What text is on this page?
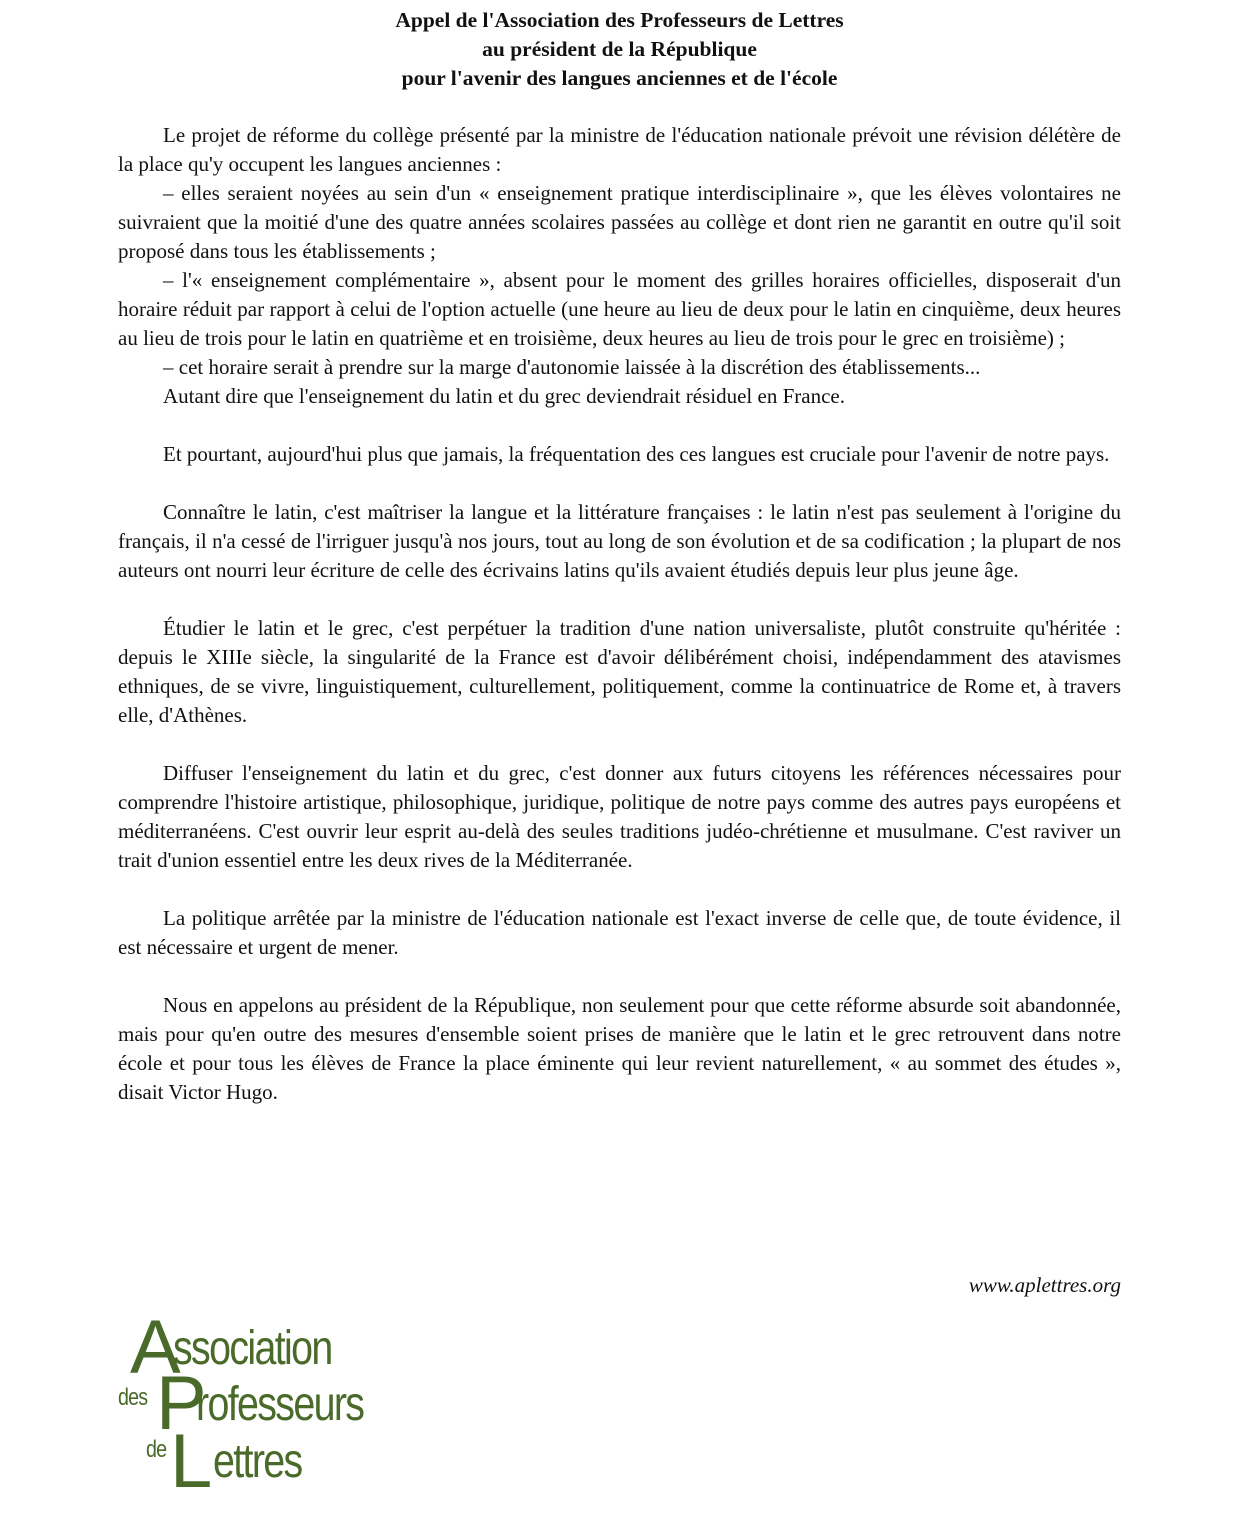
Appel de l'Association des Professeurs de Lettres
au président de la République
pour l'avenir des langues anciennes et de l'école

Le projet de réforme du collège présenté par la ministre de l'éducation nationale prévoit une révision délétère de la place qu'y occupent les langues anciennes :

– elles seraient noyées au sein d'un « enseignement pratique interdisciplinaire », que les élèves volontaires ne suivraient que la moitié d'une des quatre années scolaires passées au collège et dont rien ne garantit en outre qu'il soit proposé dans tous les établissements ;

– l'« enseignement complémentaire », absent pour le moment des grilles horaires officielles, disposerait d'un horaire réduit par rapport à celui de l'option actuelle (une heure au lieu de deux pour le latin en cinquième, deux heures au lieu de trois pour le latin en quatrième et en troisième, deux heures au lieu de trois pour le grec en troisième) ;

– cet horaire serait à prendre sur la marge d'autonomie laissée à la discrétion des établissements...

Autant dire que l'enseignement du latin et du grec deviendrait résiduel en France.

Et pourtant, aujourd'hui plus que jamais, la fréquentation des ces langues est cruciale pour l'avenir de notre pays.

Connaître le latin, c'est maîtriser la langue et la littérature françaises : le latin n'est pas seulement à l'origine du français, il n'a cessé de l'irriguer jusqu'à nos jours, tout au long de son évolution et de sa codification ; la plupart de nos auteurs ont nourri leur écriture de celle des écrivains latins qu'ils avaient étudiés depuis leur plus jeune âge.

Étudier le latin et le grec, c'est perpétuer la tradition d'une nation universaliste, plutôt construite qu'héritée : depuis le XIIIe siècle, la singularité de la France est d'avoir délibérément choisi, indépendamment des atavismes ethniques, de se vivre, linguistiquement, culturellement, politiquement, comme la continuatrice de Rome et, à travers elle, d'Athènes.

Diffuser l'enseignement du latin et du grec, c'est donner aux futurs citoyens les références nécessaires pour comprendre l'histoire artistique, philosophique, juridique, politique de notre pays comme des autres pays européens et méditerranéens. C'est ouvrir leur esprit au-delà des seules traditions judéo-chrétienne et musulmane. C'est raviver un trait d'union essentiel entre les deux rives de la Méditerranée.

La politique arrêtée par la ministre de l'éducation nationale est l'exact inverse de celle que, de toute évidence, il est nécessaire et urgent de mener.

Nous en appelons au président de la République, non seulement pour que cette réforme absurde soit abandonnée, mais pour qu'en outre des mesures d'ensemble soient prises de manière que le latin et le grec retrouvent dans notre école et pour tous les élèves de France la place éminente qui leur revient naturellement, « au sommet des études », disait Victor Hugo.

www.aplettres.org
A
ssociation
des P
rofesseurs
de L ettres
